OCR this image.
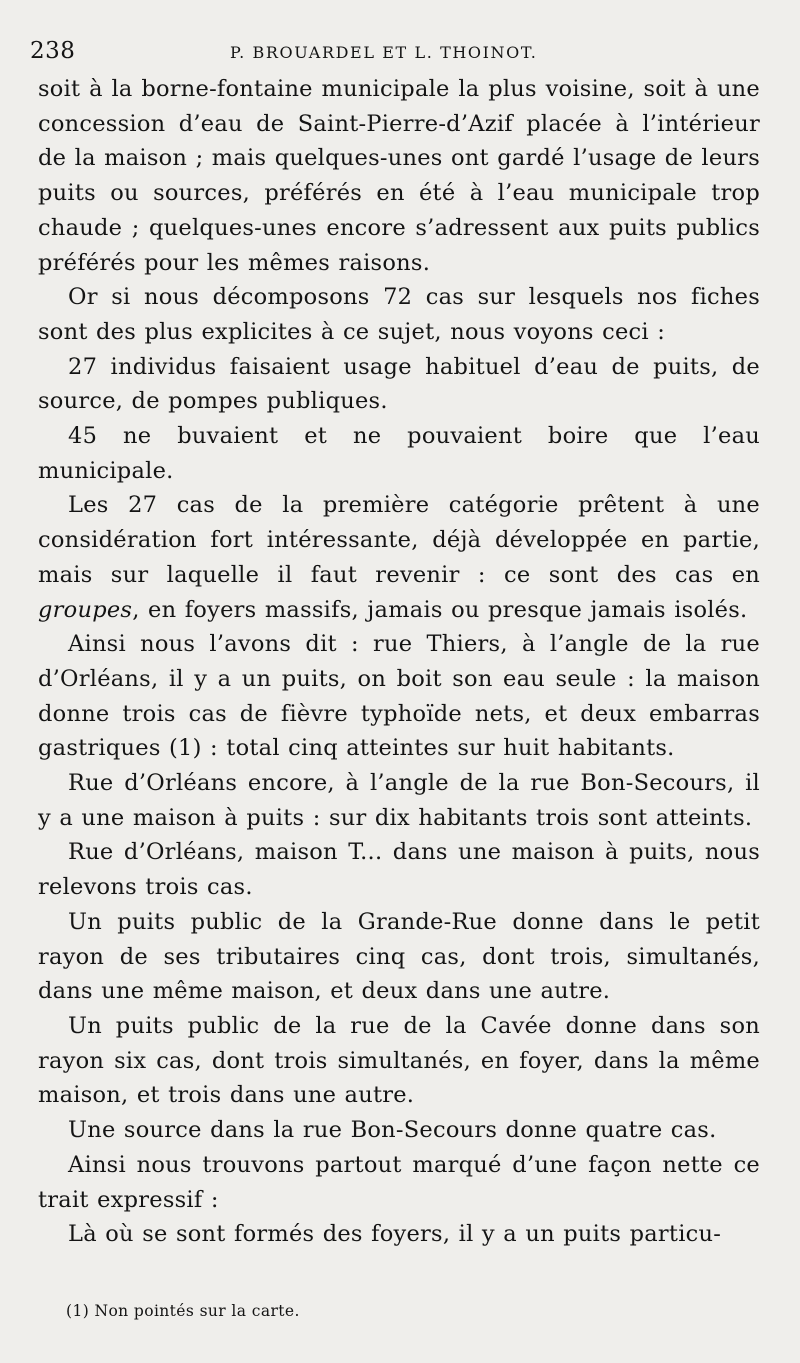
238	P. BROUARDEL ET L. THOINOT.

soit à la borne-fontaine municipale la plus voisine, soit à une concession d’eau de Saint-Pierre-d’Azif placée à l’intérieur de la maison ; mais quelques-unes ont gardé l’usage de leurs puits ou sources, préférés en été à l’eau municipale trop chaude ; quelques-unes encore s’adressent aux puits publics préférés pour les mêmes raisons.

Or si nous décomposons 72 cas sur lesquels nos fiches sont des plus explicites à ce sujet, nous voyons ceci :

27 individus faisaient usage habituel d’eau de puits, de source, de pompes publiques.

45 ne buvaient et ne pouvaient boire que l’eau municipale.

Les 27 cas de la première catégorie prêtent à une considération fort intéressante, déjà développée en partie, mais sur laquelle il faut revenir : ce sont des cas en groupes, en foyers massifs, jamais ou presque jamais isolés.

Ainsi nous l’avons dit : rue Thiers, à l’angle de la rue d’Orléans, il y a un puits, on boit son eau seule : la maison donne trois cas de fièvre typhoïde nets, et deux embarras gastriques (1) : total cinq atteintes sur huit habitants.

Rue d’Orléans encore, à l’angle de la rue Bon-Secours, il y a une maison à puits : sur dix habitants trois sont atteints.

Rue d’Orléans, maison T... dans une maison à puits, nous relevons trois cas.

Un puits public de la Grande-Rue donne dans le petit rayon de ses tributaires cinq cas, dont trois, simultanés, dans une même maison, et deux dans une autre.

Un puits public de la rue de la Cavée donne dans son rayon six cas, dont trois simultanés, en foyer, dans la même maison, et trois dans une autre.

Une source dans la rue Bon-Secours donne quatre cas.

Ainsi nous trouvons partout marqué d’une façon nette ce trait expressif :

Là où se sont formés des foyers, il y a un puits particu-

(1) Non pointés sur la carte.
